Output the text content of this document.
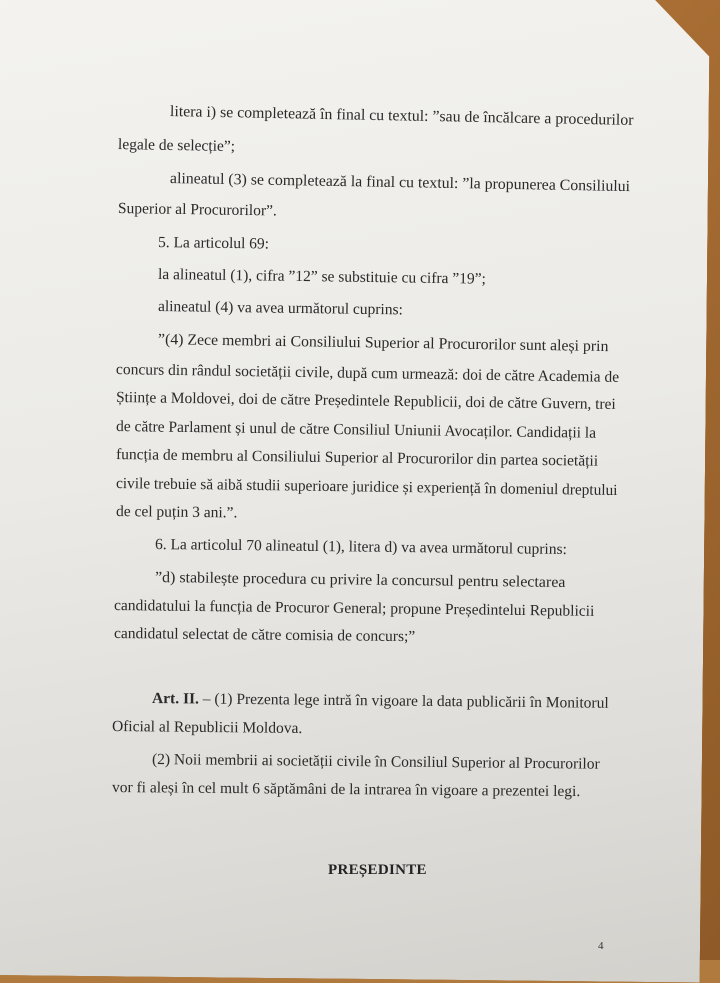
litera i) se completează în final cu textul: ”sau de încălcare a procedurilor

legale de selecție”;

alineatul (3) se completează la final cu textul: ”la propunerea Consiliului

Superior al Procurorilor”.

5. La articolul 69:

la alineatul (1), cifra ”12” se substituie cu cifra ”19”;

alineatul (4) va avea următorul cuprins:

”(4) Zece membri ai Consiliului Superior al Procurorilor sunt aleși prin

concurs din rândul societății civile, după cum urmează: doi de către Academia de

Științe a Moldovei, doi de către Președintele Republicii, doi de către Guvern, trei

de către Parlament și unul de către Consiliul Uniunii Avocaților. Candidații la

funcția de membru al Consiliului Superior al Procurorilor din partea societății

civile trebuie să aibă studii superioare juridice și experiență în domeniul dreptului

de cel puțin 3 ani.”.

6. La articolul 70 alineatul (1), litera d) va avea următorul cuprins:

”d) stabilește procedura cu privire la concursul pentru selectarea

candidatului la funcția de Procuror General; propune Președintelui Republicii

candidatul selectat de către comisia de concurs;”

Art. II. – (1) Prezenta lege intră în vigoare la data publicării în Monitorul

Oficial al Republicii Moldova.

(2) Noii membrii ai societății civile în Consiliul Superior al Procurorilor

vor fi aleși în cel mult 6 săptămâni de la intrarea în vigoare a prezentei legi.

PREȘEDINTE
4
